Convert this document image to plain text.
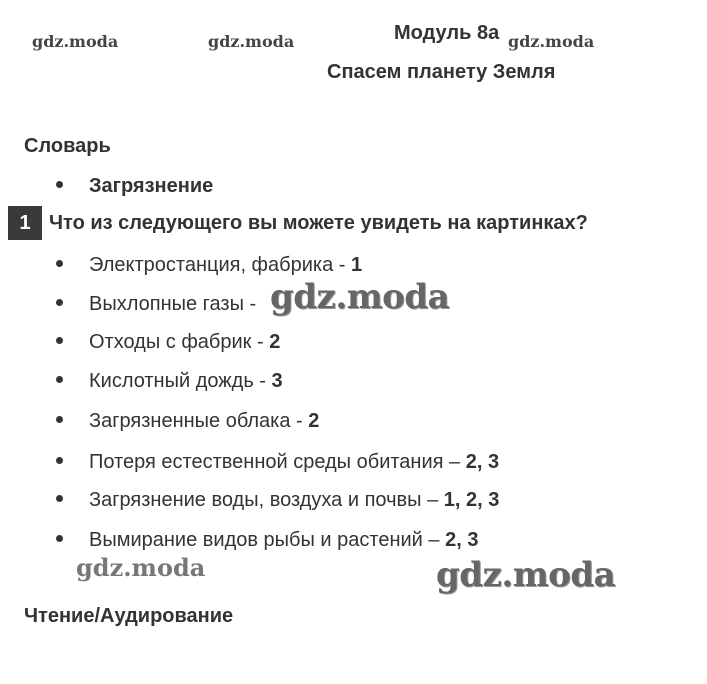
gdz.moda	gdz.moda	gdz.moda
Модуль 8а
Спасем планету Земля
Словарь
Загрязнение
1 Что из следующего вы можете увидеть на картинках?
Электростанция, фабрика - 1
Выхлопные газы -
Отходы с фабрик - 2
Кислотный дождь - 3
Загрязненные облака - 2
Потеря естественной среды обитания – 2, 3
Загрязнение воды, воздуха и почвы – 1, 2, 3
Вымирание видов рыбы и растений – 2, 3
Чтение/Аудирование
gdz.moda
gdz.moda	gdz.moda
